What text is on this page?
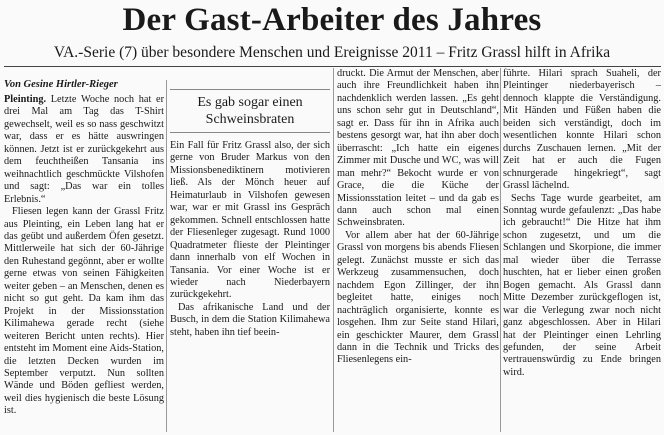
Der Gast-Arbeiter des Jahres
VA.-Serie (7) über besondere Menschen und Ereignisse 2011 – Fritz Grassl hilft in Afrika
Von Gesine Hirtler-Rieger

Pleinting. Letzte Woche noch hat er drei Mal am Tag das T-Shirt gewechselt, weil es so nass geschwitzt war, dass er es hätte auswringen können. Jetzt ist er zurückgekehrt aus dem feuchtheißen Tansania ins weihnachtlich geschmückte Vilshofen und sagt: „Das war ein tolles Erlebnis.“

Fliesen legen kann der Grassl Fritz aus Pleinting, ein Leben lang hat er das geübt und außerdem Öfen gesetzt. Mittlerweile hat sich der 60-Jährige den Ruhestand gegönnt, aber er wollte gerne etwas von seinen Fähigkeiten weiter geben – an Menschen, denen es nicht so gut geht. Da kam ihm das Projekt in der Missionsstation Kilimahewa gerade recht (siehe weiteren Bericht unten rechts). Hier entsteht im Moment eine Aids-Station, die letzten Decken wurden im September verputzt. Nun sollten Wände und Böden gefliest werden, weil dies hygienisch die beste Lösung ist.

Es gab sogar einen Schweinsbraten

Ein Fall für Fritz Grassl also, der sich gerne von Bruder Markus von den Missionsbenediktinern motivieren ließ. Als der Mönch heuer auf Heimaturlaub in Vilshofen gewesen war, war er mit Grassl ins Gespräch gekommen. Schnell entschlossen hatte der Fliesenleger zugesagt. Rund 1000 Quadratmeter flieste der Pleintinger dann innerhalb von elf Wochen in Tansania. Vor einer Woche ist er wieder nach Niederbayern zurückgekehrt.

Das afrikanische Land und der Busch, in dem die Station Kilimahewa steht, haben ihn tief beein-

druckt. Die Armut der Menschen, aber auch ihre Freundlichkeit haben ihn nachdenklich werden lassen. „Es geht uns schon sehr gut in Deutschland“, sagt er. Dass für ihn in Afrika auch bestens gesorgt war, hat ihn aber doch überrascht: „Ich hatte ein eigenes Zimmer mit Dusche und WC, was will man mehr?“ Bekocht wurde er von Grace, die die Küche der Missionsstation leitet – und da gab es dann auch schon mal einen Schweinsbraten.

Vor allem aber hat der 60-Jährige Grassl von morgens bis abends Fliesen gelegt. Zunächst musste er sich das Werkzeug zusammensuchen, doch nachdem Egon Zillinger, der ihn begleitet hatte, einiges noch nachträglich organisierte, konnte es losgehen. Ihm zur Seite stand Hilari, ein geschickter Maurer, dem Grassl dann in die Technik und Tricks des Fliesenlegens ein-

führte. Hilari sprach Suaheli, der Pleintinger niederbayerisch – dennoch klappte die Verständigung. Mit Händen und Füßen haben die beiden sich verständigt, doch im wesentlichen konnte Hilari schon durchs Zuschauen lernen. „Mit der Zeit hat er auch die Fugen schnurgerade hingekriegt“, sagt Grassl lächelnd.

Sechs Tage wurde gearbeitet, am Sonntag wurde gefaulenzt: „Das habe ich gebraucht!“ Die Hitze hat ihm schon zugesetzt, und um die Schlangen und Skorpione, die immer mal wieder über die Terrasse huschten, hat er lieber einen großen Bogen gemacht. Als Grassl dann Mitte Dezember zurückgeflogen ist, war die Verlegung zwar noch nicht ganz abgeschlossen. Aber in Hilari hat der Pleintinger einen Lehrling gefunden, der seine Arbeit vertrauenswürdig zu Ende bringen wird.
